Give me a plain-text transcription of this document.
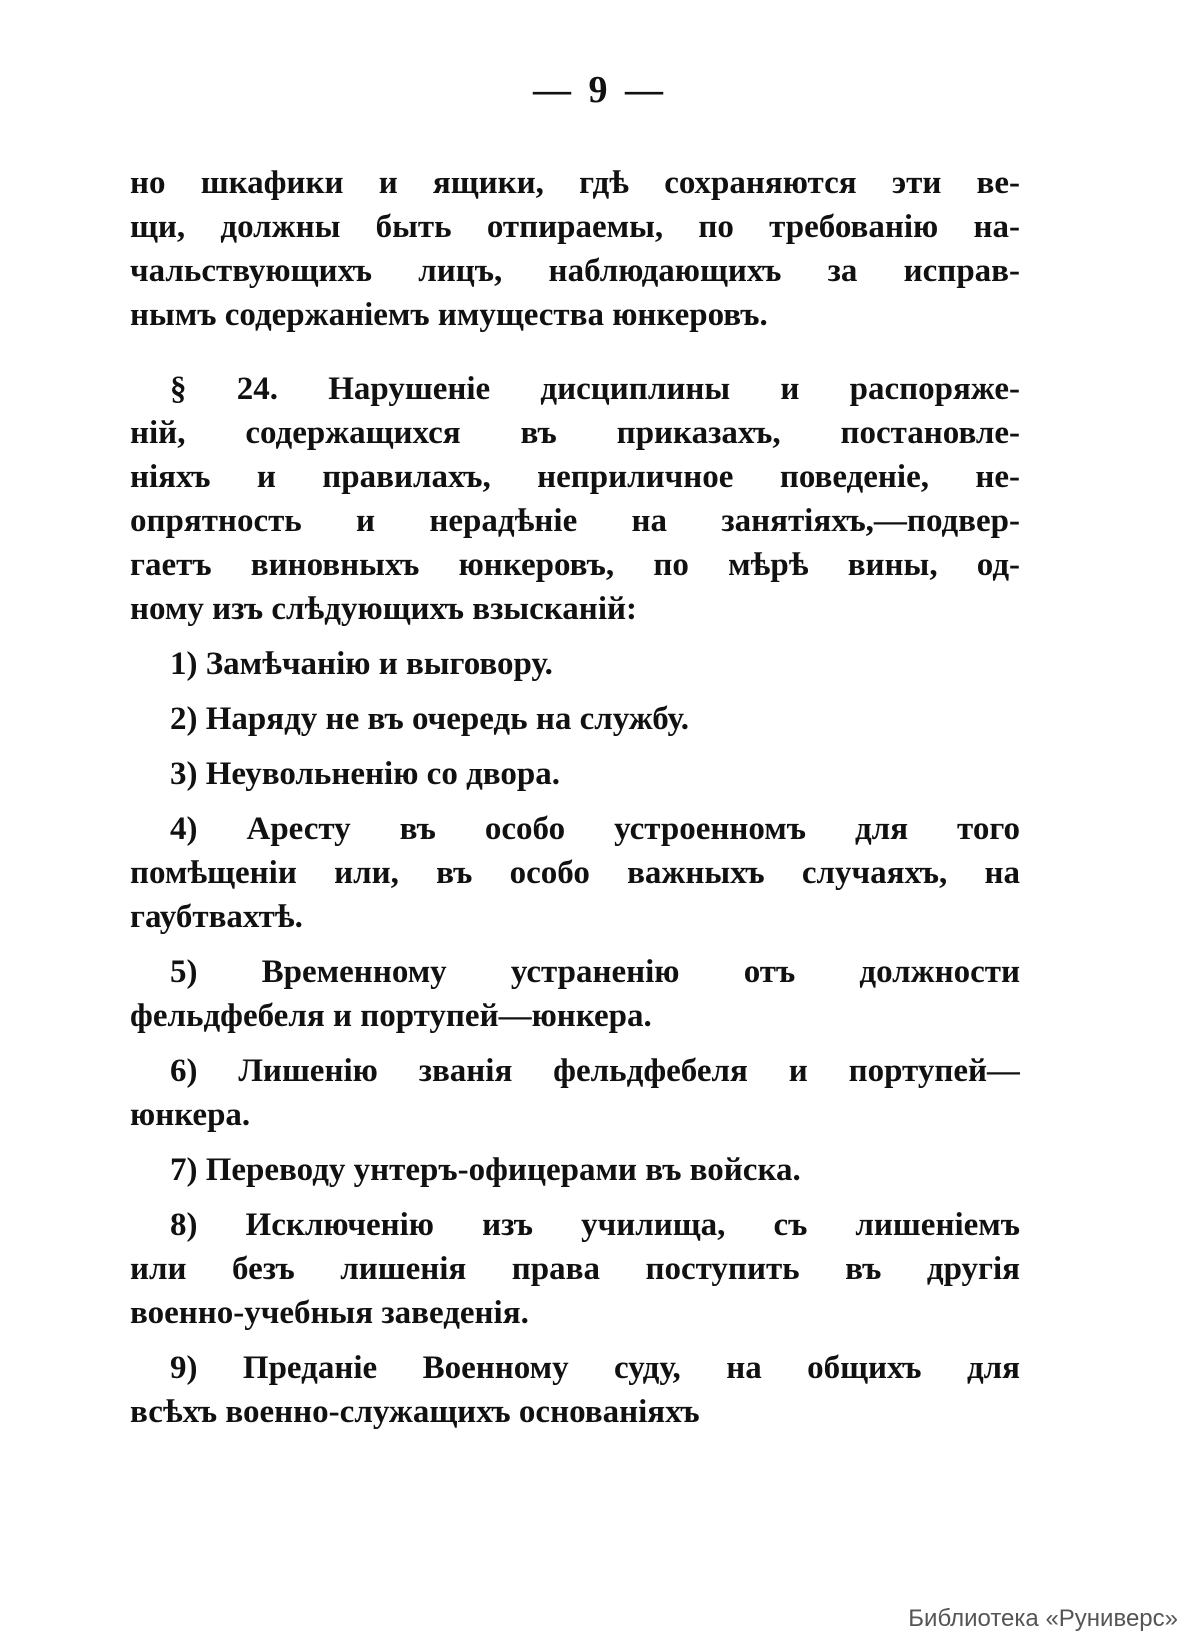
— 9 —
но шкафики и ящики, гдѣ сохраняются эти ве-
щи, должны быть отпираемы, по требованію на-
чальствующихъ лицъ, наблюдающихъ за исправ-
нымъ содержаніемъ имущества юнкеровъ.
§ 24. Нарушеніе дисциплины и распоряже-
ній, содержащихся въ приказахъ, постановле-
ніяхъ и правилахъ, неприличное поведеніе, не-
опрятность и нерадѣніе на занятіяхъ,—подвер-
гаетъ виновныхъ юнкеровъ, по мѣрѣ вины, од-
ному изъ слѣдующихъ взысканій:
1) Замѣчанію и выговору.
2) Наряду не въ очередь на службу.
3) Неувольненію со двора.
4) Аресту въ особо устроенномъ для того
помѣщеніи или, въ особо важныхъ случаяхъ, на
гаубтвахтѣ.
5) Временному устраненію отъ должности
фельдфебеля и портупей—юнкера.
6) Лишенію званія фельдфебеля и портупей—
юнкера.
7) Переводу унтеръ-офицерами въ войска.
8) Исключенію изъ училища, съ лишеніемъ
или безъ лишенія права поступить въ другія
военно-учебныя заведенія.
9) Преданіе Военному суду, на общихъ для
всѣхъ военно-служащихъ основаніяхъ
Библиотека «Руниверс»
